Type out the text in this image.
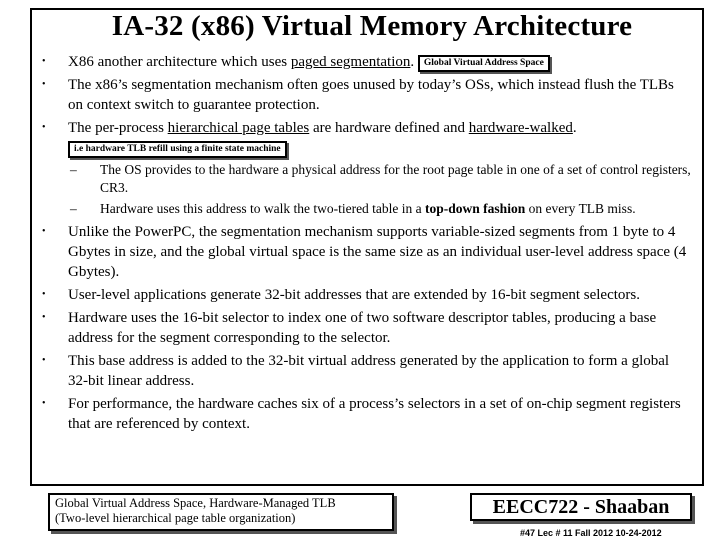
IA-32 (x86) Virtual Memory Architecture
•	X86 another architecture which uses paged segmentation. Global Virtual Address Space
•	The x86’s segmentation mechanism often goes unused by today’s OSs, which instead flush the TLBs on context switch to guarantee protection.
•	The per-process hierarchical page tables are hardware defined and hardware-walked. i.e hardware TLB refill using a finite state machine
– The OS provides to the hardware a physical address for the root page table in one of a set of control registers, CR3.
– Hardware uses this address to walk the two-tiered table in a top-down fashion on every TLB miss.
•	Unlike the PowerPC, the segmentation mechanism supports variable-sized segments from 1 byte to 4 Gbytes in size, and the global virtual space is the same size as an individual user-level address space (4 Gbytes).
•	User-level applications generate 32-bit addresses that are extended by 16-bit segment selectors.
•	Hardware uses the 16-bit selector to index one of two software descriptor tables, producing a base address for the segment corresponding to the selector.
•	This base address is added to the 32-bit virtual address generated by the application to form a global 32-bit linear address.
•	For performance, the hardware caches six of a process’s selectors in a set of on-chip segment registers that are referenced by context.
Global Virtual Address Space, Hardware-Managed TLB
(Two-level hierarchical page table organization)	EECC722 - Shaaban
#47 Lec # 11 Fall 2012 10-24-2012
